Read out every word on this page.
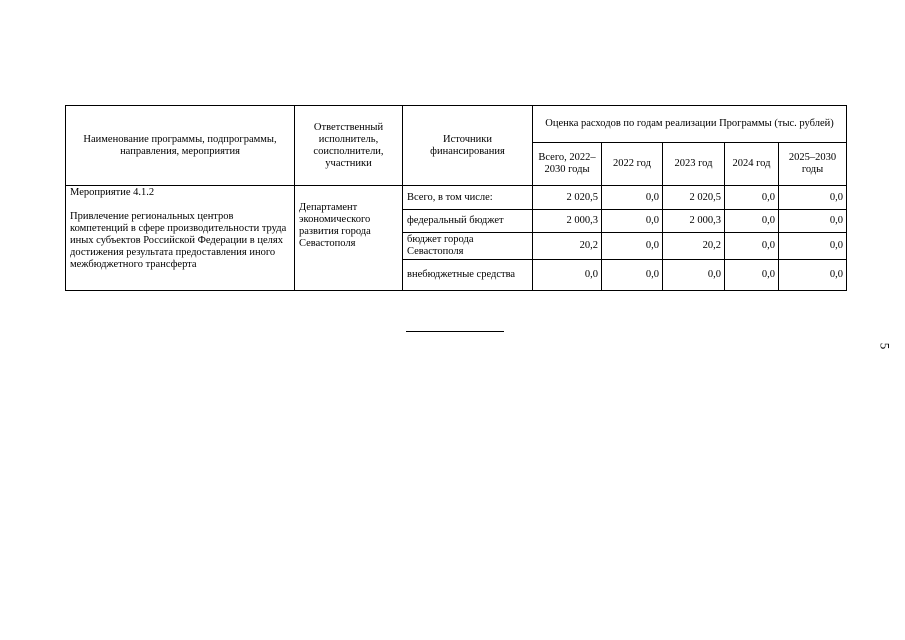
Наименование программы, подпрограммы, направления, мероприятия	Ответственный исполнитель, соисполнители, участники	Источники финансирования	Оценка расходов по годам реализации Программы (тыс. рублей)				
			Всего, 2022–2030 годы	2022 год	2023 год	2024 год	2025–2030 годы
Мероприятие 4.1.2
Привлечение региональных центров компетенций в сфере производительности труда иных субъектов Российской Федерации в целях достижения результата предоставления иного межбюджетного трансферта	Департамент экономического развития города Севастополя	Всего, в том числе:	2 020,5	0,0	2 020,5	0,0	0,0
		федеральный бюджет	2 000,3	0,0	2 000,3	0,0	0,0
		бюджет города Севастополя	20,2	0,0	20,2	0,0	0,0
		внебюджетные средства	0,0	0,0	0,0	0,0	0,0
5
